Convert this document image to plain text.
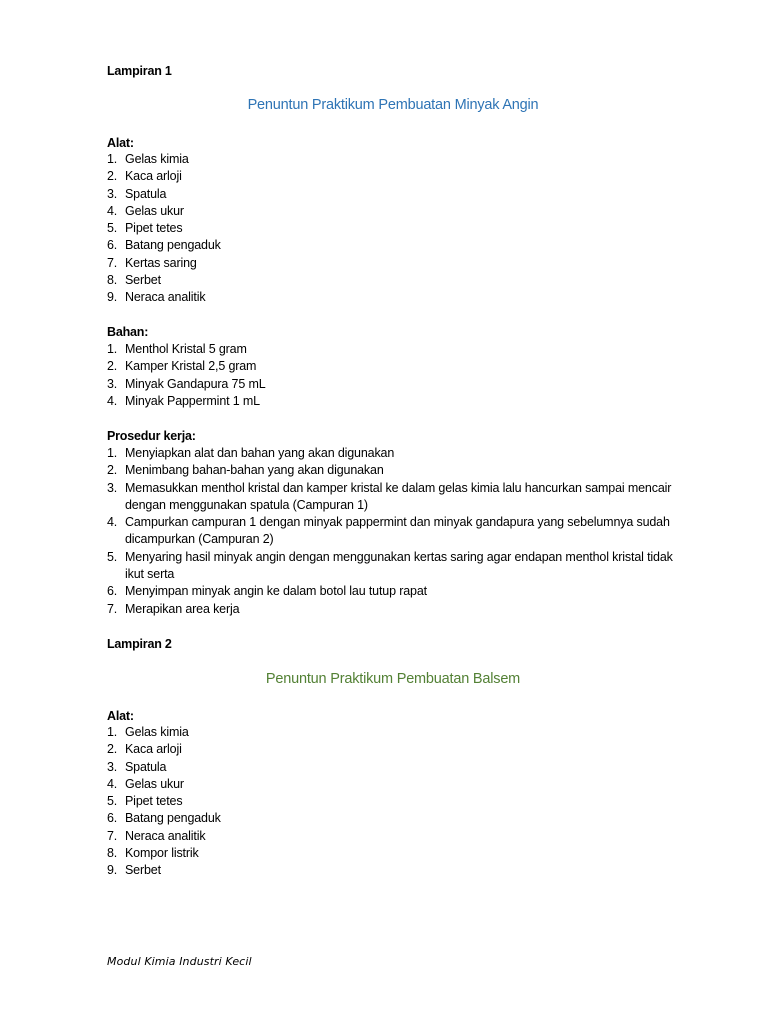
Lampiran 1
Penuntun Praktikum Pembuatan Minyak Angin
Alat:
1. Gelas kimia
2. Kaca arloji
3. Spatula
4. Gelas ukur
5. Pipet tetes
6. Batang pengaduk
7. Kertas saring
8. Serbet
9. Neraca analitik
Bahan:
1. Menthol Kristal 5 gram
2. Kamper Kristal 2,5 gram
3. Minyak Gandapura 75 mL
4. Minyak Pappermint 1 mL
Prosedur kerja:
1. Menyiapkan alat dan bahan yang akan digunakan
2. Menimbang bahan-bahan yang akan digunakan
3. Memasukkan menthol kristal dan kamper kristal ke dalam gelas kimia lalu hancurkan sampai mencair dengan menggunakan spatula (Campuran 1)
4. Campurkan campuran 1 dengan minyak pappermint dan minyak gandapura yang sebelumnya sudah dicampurkan (Campuran 2)
5. Menyaring hasil minyak angin dengan menggunakan kertas saring agar endapan menthol kristal tidak ikut serta
6. Menyimpan minyak angin ke dalam botol lau tutup rapat
7. Merapikan area kerja
Lampiran 2
Penuntun Praktikum Pembuatan Balsem
Alat:
1. Gelas kimia
2. Kaca arloji
3. Spatula
4. Gelas ukur
5. Pipet tetes
6. Batang pengaduk
7. Neraca analitik
8. Kompor listrik
9. Serbet
Modul Kimia Industri Kecil
